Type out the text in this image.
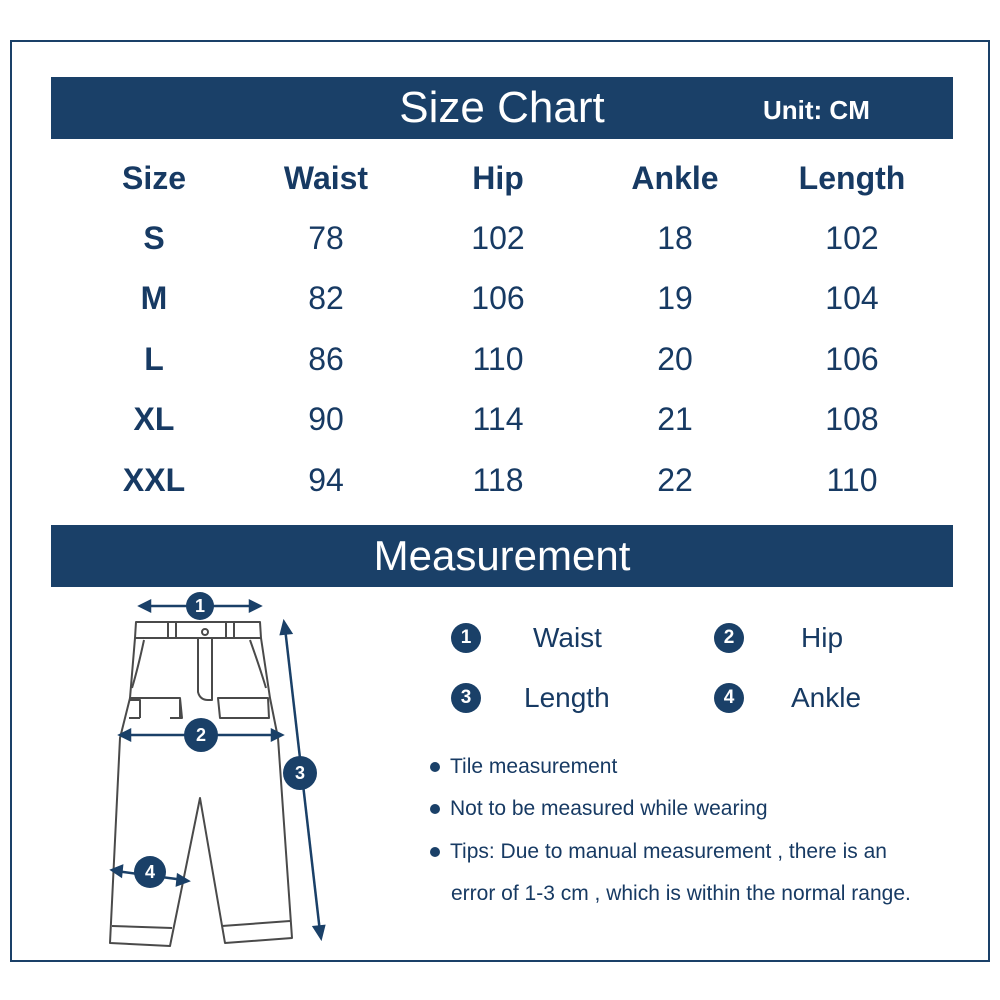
Size Chart	Unit: CM
Size	Waist	Hip	Ankle	Length
S	78	102	18	102
M	82	106	19	104
L	86	110	20	106
XL	90	114	21	108
XXL	94	118	22	110
Measurement
1
2
3
4
1	Waist	2	Hip
3	Length	4	Ankle
Tile measurement
Not to be measured while wearing
Tips: Due to manual measurement , there is an
error of 1-3 cm , which is within the normal range.
